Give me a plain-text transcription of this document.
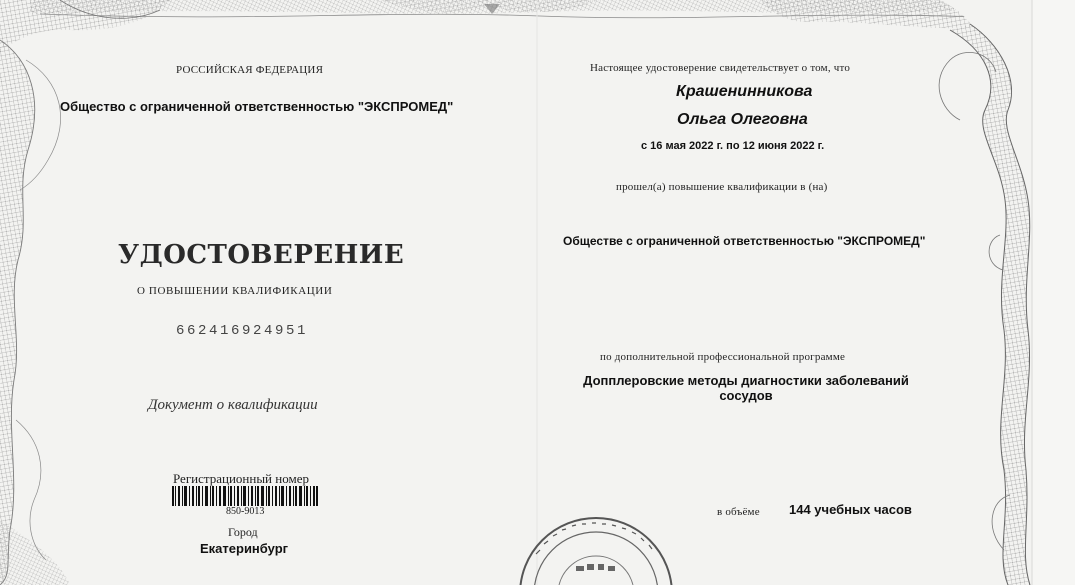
РОССИЙСКАЯ ФЕДЕРАЦИЯ
Общество с ограниченной ответственностью "ЭКСПРОМЕД"
УДОСТОВЕРЕНИЕ
О ПОВЫШЕНИИ КВАЛИФИКАЦИИ
662416924951
Документ о квалификации
Регистрационный номер
850-9013
Город
Екатеринбург
Настоящее удостоверение свидетельствует о том, что
Крашенинникова
Ольга Олеговна
с 16 мая 2022 г. по 12 июня 2022 г.
прошел(а) повышение квалификации в (на)
Обществе с ограниченной ответственностью "ЭКСПРОМЕД"
по дополнительной профессиональной программе
Допплеровские методы диагностики заболеваний сосудов
в объёме 144 учебных часов
